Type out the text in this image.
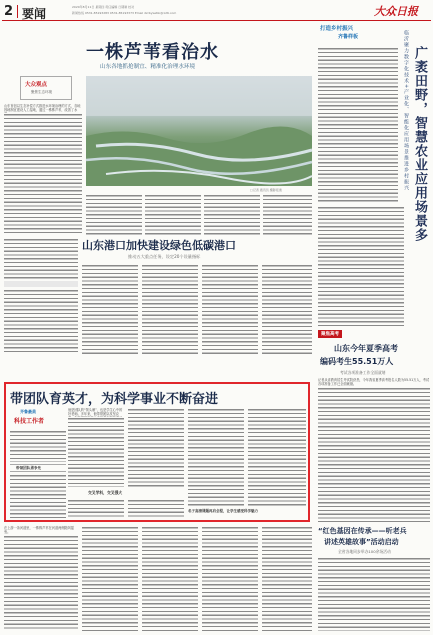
2 要闻	2020年8月11日 星期四 责任编辑 日期制 校对
新闻热线 0531-85193283 0531-85193373 Email dzrbywzbk@126.com	大众日报
一株芦苇看治水
山东各地抓抢制宜、精准化治理水环境
大众观点
聚焦生态环境
山东首创以生态补偿方式推进水环境治理的方式，各地因地制宜建设人工湿地，通过一株株芦苇，改善了水
□记者 通讯员 摄影报道
打造乡村振兴
齐鲁样板	临沂聚力数字化技术+产业化、智能化应用场景推进乡村振兴 广袤田野，智慧农业应用场景多
山东港口加快建设绿色低碳港口
推动五大重点任务，设定20个设量指标
聚焦高考
山东今年夏季高考
编码考生55.51万人
考试各项准备工作全面就绪
记者从省教育招生考试院获悉，今年我省夏季高考报名人数为55.51万人，考试各项准备工作已全面就绪。
带团队育英才，为科学事业不断奋进
齐鲁最美
科技工作者
带领团队勇争先
他是团队的“领头雁”，也是学生心中的好老师。多年来，他带领团队攻坚克
交叉学科，交叉强大
名子高清课题再启全程，让学生感受科学魅力
在上游一条河道里，一株株芦苇在河道两侧随风摇曳。	“红色基因在传承——听老兵
讲述英雄故事”活动启动
全省各地同步举办100余场活动
